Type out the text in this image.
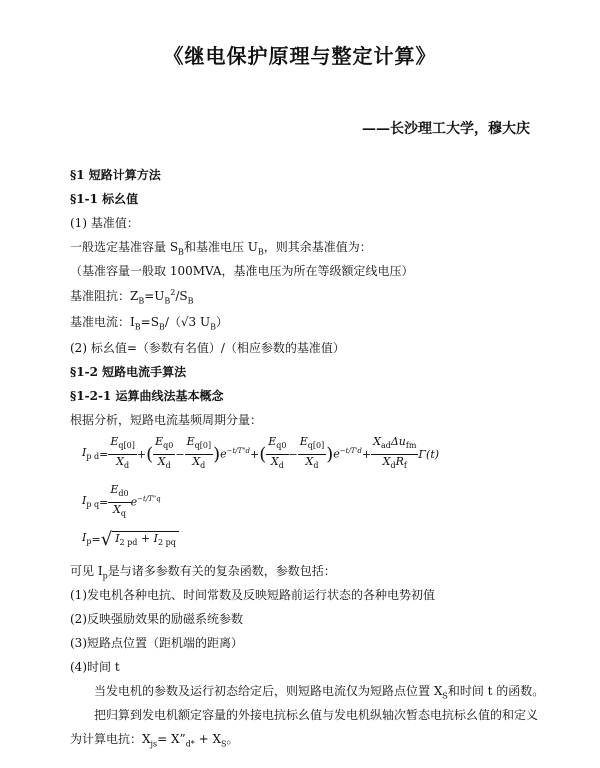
《继电保护原理与整定计算》
——长沙理工大学，穆大庆
§1 短路计算方法
§1-1 标幺值
(1) 基准值：
一般选定基准容量 $S_B$和基准电压 $U_B$，则其余基准值为：
（基准容量一般取 100MVA，基准电压为所在等级额定线电压）
基准阻抗：$Z_B=U_B^2/S_B$
基准电流：$I_B=S_B/(√3$ $U_B$）
(2) 标幺值=（参数有名值）/（相应参数的基准值）
§1-2 短路电流手算法
§1-2-1 运算曲线法基本概念
根据分析，短路电流基频周期分量：
$I_{p d} = \frac{E_{q[0]}}{X_d}$ + ( $\frac{E_{q0}}{X_d} - \frac{E_{q[0]}}{X_d}$ ) $e^{-t/T"d}$ + ( $\frac{E_{q0}}{X_d} - \frac{E_{q[0]}}{X_d}$ ) $e^{-t/T'd} + \frac{X_{ad}\Delta u_{fm}}{X_dR_f} \Gamma(t)$
$I_{p q} = \frac{E_{d0}}{X_q} e^{-t/T"q}$
$I_p$ = √ $I_{2 pd} + I_{2 pq}$
可见 $I_p$是与诸多参数有关的复杂函数，参数包括：
(1)发电机各种电抗、时间常数及反映短路前运行状态的各种电势初值
(2)反映强励效果的励磁系统参数
(3)短路点位置（距机端的距离）
(4)时间 t
当发电机的参数及运行初态给定后，则短路电流仅为短路点位置 $X_S$和时间 t 的函数。
把归算到发电机额定容量的外接电抗标幺值与发电机纵轴次暂态电抗标幺值的和定义
为计算电抗：$X_{js}=$ $X”_{d*} + X_S$。
